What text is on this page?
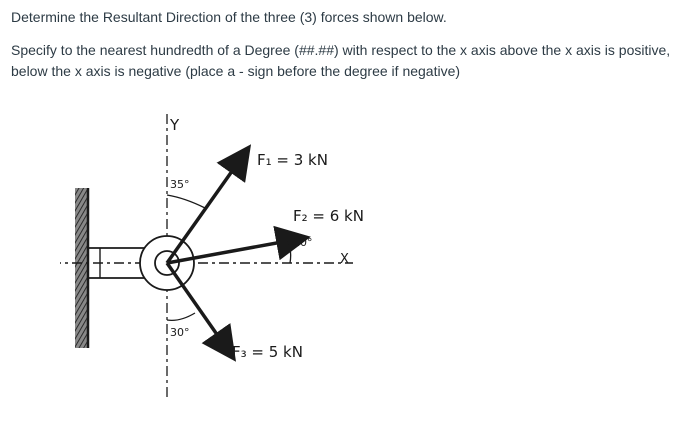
Determine the Resultant Direction of the three (3) forces shown below.

Specify to the nearest hundredth of a Degree (##.##) with respect to the x axis above the x axis is positive,
below the x axis is negative (place a - sign before the degree if negative)

Y
X
F₁ = 3 kN
F₂ = 6 kN
F₃ = 5 kN
35°
10°
30°
